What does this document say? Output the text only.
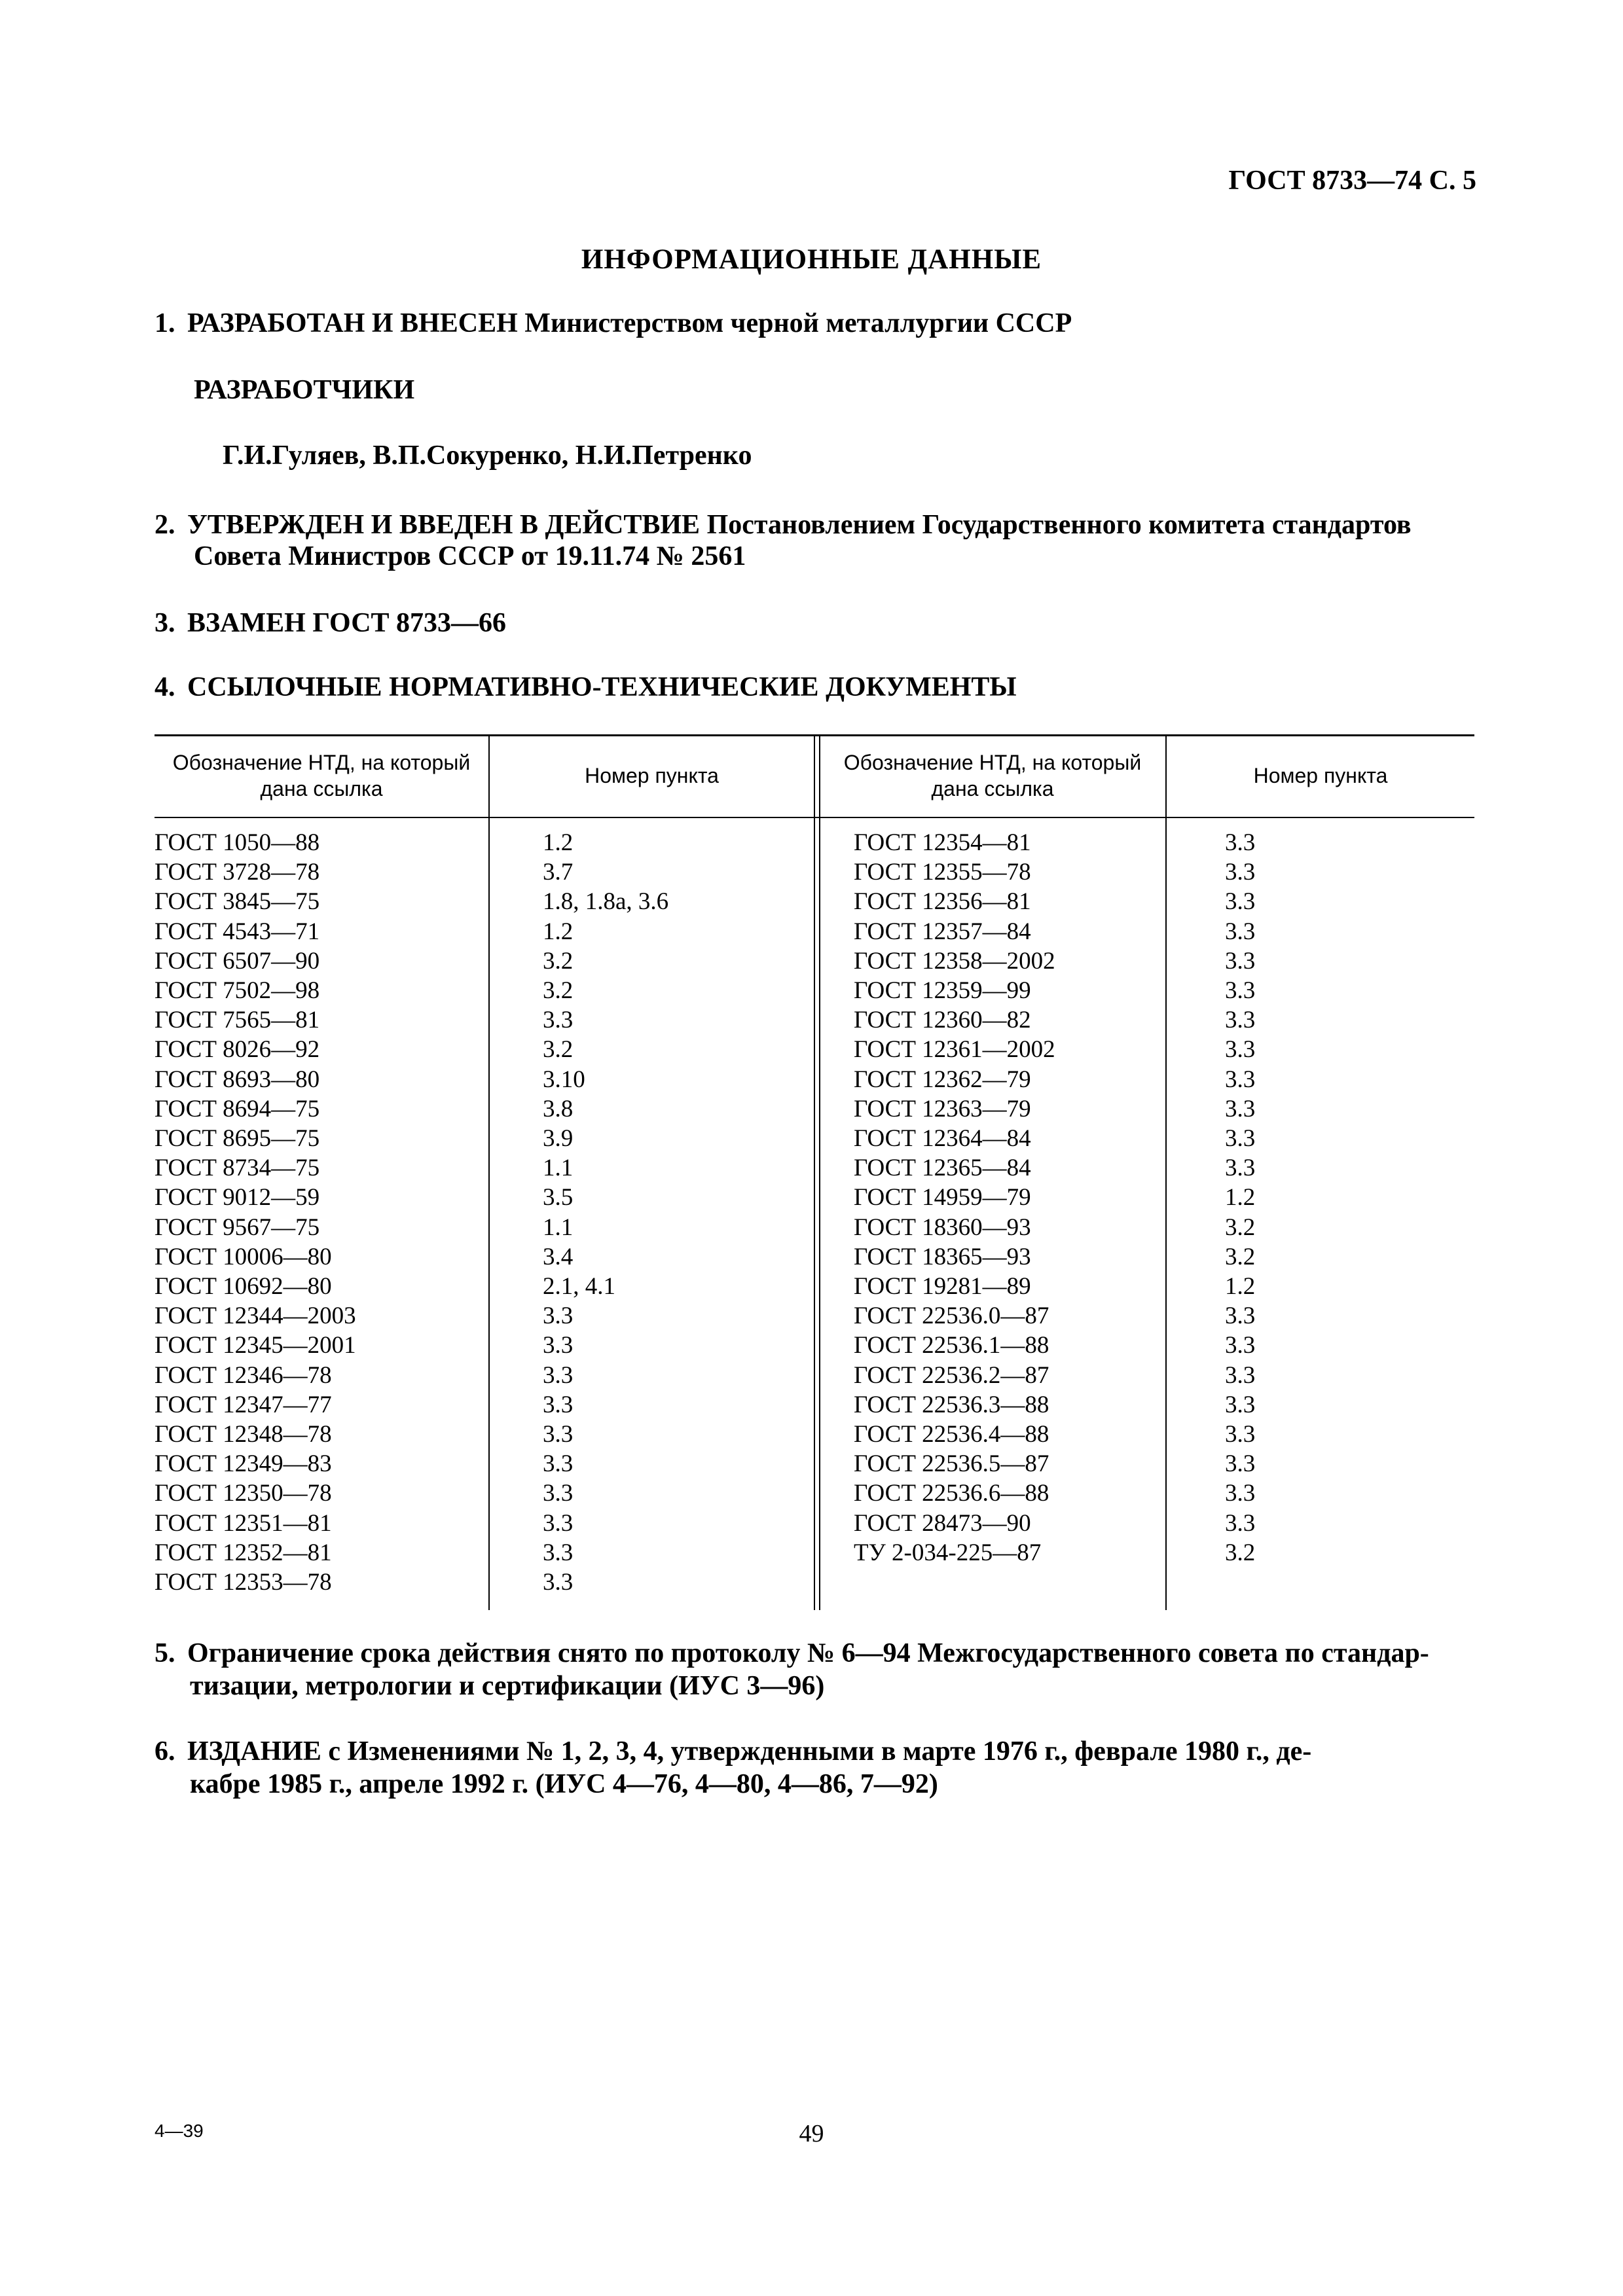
ГОСТ 8733—74 С. 5
ИНФОРМАЦИОННЫЕ ДАННЫЕ
1. РАЗРАБОТАН И ВНЕСЕН Министерством черной металлургии СССР
РАЗРАБОТЧИКИ
Г.И.Гуляев, В.П.Сокуренко, Н.И.Петренко
2. УТВЕРЖДЕН И ВВЕДЕН В ДЕЙСТВИЕ Постановлением Государственного комитета стандартов
Совета Министров СССР от 19.11.74 № 2561
3. ВЗАМЕН ГОСТ 8733—66
4. ССЫЛОЧНЫЕ НОРМАТИВНО-ТЕХНИЧЕСКИЕ ДОКУМЕНТЫ
Обозначение НТД, на который дана ссылка
Номер пункта
Обозначение НТД, на который дана ссылка
Номер пункта
ГОСТ 1050—88	1.2
ГОСТ 3728—78	3.7
ГОСТ 3845—75	1.8, 1.8а, 3.6
ГОСТ 4543—71	1.2
ГОСТ 6507—90	3.2
ГОСТ 7502—98	3.2
ГОСТ 7565—81	3.3
ГОСТ 8026—92	3.2
ГОСТ 8693—80	3.10
ГОСТ 8694—75	3.8
ГОСТ 8695—75	3.9
ГОСТ 8734—75	1.1
ГОСТ 9012—59	3.5
ГОСТ 9567—75	1.1
ГОСТ 10006—80	3.4
ГОСТ 10692—80	2.1, 4.1
ГОСТ 12344—2003	3.3
ГОСТ 12345—2001	3.3
ГОСТ 12346—78	3.3
ГОСТ 12347—77	3.3
ГОСТ 12348—78	3.3
ГОСТ 12349—83	3.3
ГОСТ 12350—78	3.3
ГОСТ 12351—81	3.3
ГОСТ 12352—81	3.3
ГОСТ 12353—78	3.3
ГОСТ 12354—81	3.3
ГОСТ 12355—78	3.3
ГОСТ 12356—81	3.3
ГОСТ 12357—84	3.3
ГОСТ 12358—2002	3.3
ГОСТ 12359—99	3.3
ГОСТ 12360—82	3.3
ГОСТ 12361—2002	3.3
ГОСТ 12362—79	3.3
ГОСТ 12363—79	3.3
ГОСТ 12364—84	3.3
ГОСТ 12365—84	3.3
ГОСТ 14959—79	1.2
ГОСТ 18360—93	3.2
ГОСТ 18365—93	3.2
ГОСТ 19281—89	1.2
ГОСТ 22536.0—87	3.3
ГОСТ 22536.1—88	3.3
ГОСТ 22536.2—87	3.3
ГОСТ 22536.3—88	3.3
ГОСТ 22536.4—88	3.3
ГОСТ 22536.5—87	3.3
ГОСТ 22536.6—88	3.3
ГОСТ 28473—90	3.3
ТУ 2-034-225—87	3.2
5. Ограничение срока действия снято по протоколу № 6—94 Межгосударственного совета по стандар-
тизации, метрологии и сертификации (ИУС 3—96)
6. ИЗДАНИЕ с Изменениями № 1, 2, 3, 4, утвержденными в марте 1976 г., феврале 1980 г., де-
кабре 1985 г., апреле 1992 г. (ИУС 4—76, 4—80, 4—86, 7—92)
4—39	49
